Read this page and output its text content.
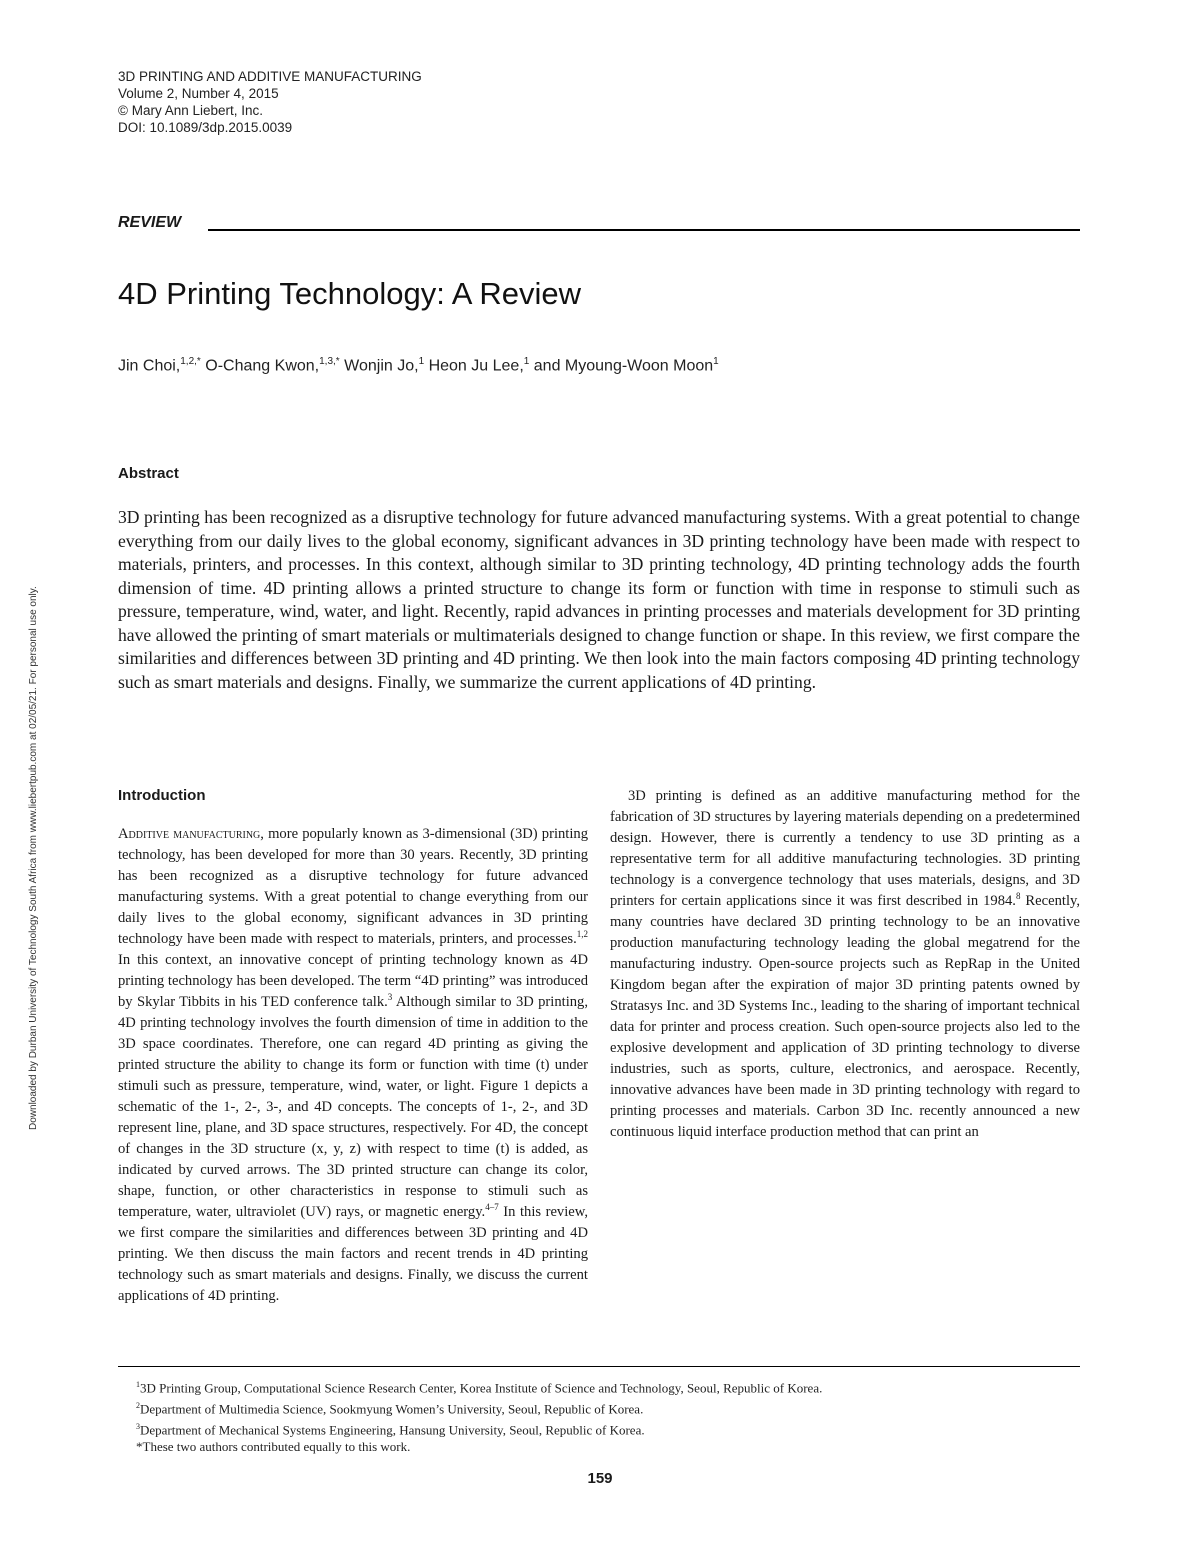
Downloaded by Durban University of Technology South Africa from www.liebertpub.com at 02/05/21. For personal use only.
3D PRINTING AND ADDITIVE MANUFACTURING
Volume 2, Number 4, 2015
© Mary Ann Liebert, Inc.
DOI: 10.1089/3dp.2015.0039
REVIEW
4D Printing Technology: A Review
Jin Choi,$^{1,2,*}$ O-Chang Kwon,$^{1,3,*}$ Wonjin Jo,$^1$ Heon Ju Lee,$^1$ and Myoung-Woon Moon$^1$
Abstract

3D printing has been recognized as a disruptive technology for future advanced manufacturing systems. With a great potential to change everything from our daily lives to the global economy, significant advances in 3D printing technology have been made with respect to materials, printers, and processes. In this context, although similar to 3D printing technology, 4D printing technology adds the fourth dimension of time. 4D printing allows a printed structure to change its form or function with time in response to stimuli such as pressure, temperature, wind, water, and light. Recently, rapid advances in printing processes and materials development for 3D printing have allowed the printing of smart materials or multimaterials designed to change function or shape. In this review, we first compare the similarities and differences between 3D printing and 4D printing. We then look into the main factors composing 4D printing technology such as smart materials and designs. Finally, we summarize the current applications of 4D printing.

Introduction

Additive manufacturing, more popularly known as 3-dimensional (3D) printing technology, has been developed for more than 30 years. Recently, 3D printing has been recognized as a disruptive technology for future advanced manufacturing systems. With a great potential to change everything from our daily lives to the global economy, significant advances in 3D printing technology have been made with respect to materials, printers, and processes.$^{1,2}$ In this context, an innovative concept of printing technology known as 4D printing technology has been developed. The term “4D printing” was introduced by Skylar Tibbits in his TED conference talk.$^3$ Although similar to 3D printing, 4D printing technology involves the fourth dimension of time in addition to the 3D space coordinates. Therefore, one can regard 4D printing as giving the printed structure the ability to change its form or function with time (t) under stimuli such as pressure, temperature, wind, water, or light. Figure 1 depicts a schematic of the 1-, 2-, 3-, and 4D concepts. The concepts of 1-, 2-, and 3D represent line, plane, and 3D space structures, respectively. For 4D, the concept of changes in the 3D structure (x, y, z) with respect to time (t) is added, as indicated by curved arrows. The 3D printed structure can change its color, shape, function, or other characteristics in response to stimuli such as temperature, water, ultraviolet (UV) rays, or magnetic energy.$^{4-7}$ In this review, we first compare the similarities and differences between 3D printing and 4D printing. We then discuss the main factors and recent trends in 4D printing technology such as smart materials and designs. Finally, we discuss the current applications of 4D printing.

3D printing is defined as an additive manufacturing method for the fabrication of 3D structures by layering materials depending on a predetermined design. However, there is currently a tendency to use 3D printing as a representative term for all additive manufacturing technologies. 3D printing technology is a convergence technology that uses materials, designs, and 3D printers for certain applications since it was first described in 1984.$^8$ Recently, many countries have declared 3D printing technology to be an innovative production manufacturing technology leading the global megatrend for the manufacturing industry. Open-source projects such as RepRap in the United Kingdom began after the expiration of major 3D printing patents owned by Stratasys Inc. and 3D Systems Inc., leading to the sharing of important technical data for printer and process creation. Such open-source projects also led to the explosive development and application of 3D printing technology to diverse industries, such as sports, culture, electronics, and aerospace. Recently, innovative advances have been made in 3D printing technology with regard to printing processes and materials. Carbon 3D Inc. recently announced a new continuous liquid interface production method that can print an

$^1$3D Printing Group, Computational Science Research Center, Korea Institute of Science and Technology, Seoul, Republic of Korea.
$^2$Department of Multimedia Science, Sookmyung Women’s University, Seoul, Republic of Korea.
$^3$Department of Mechanical Systems Engineering, Hansung University, Seoul, Republic of Korea.
*These two authors contributed equally to this work.
159
